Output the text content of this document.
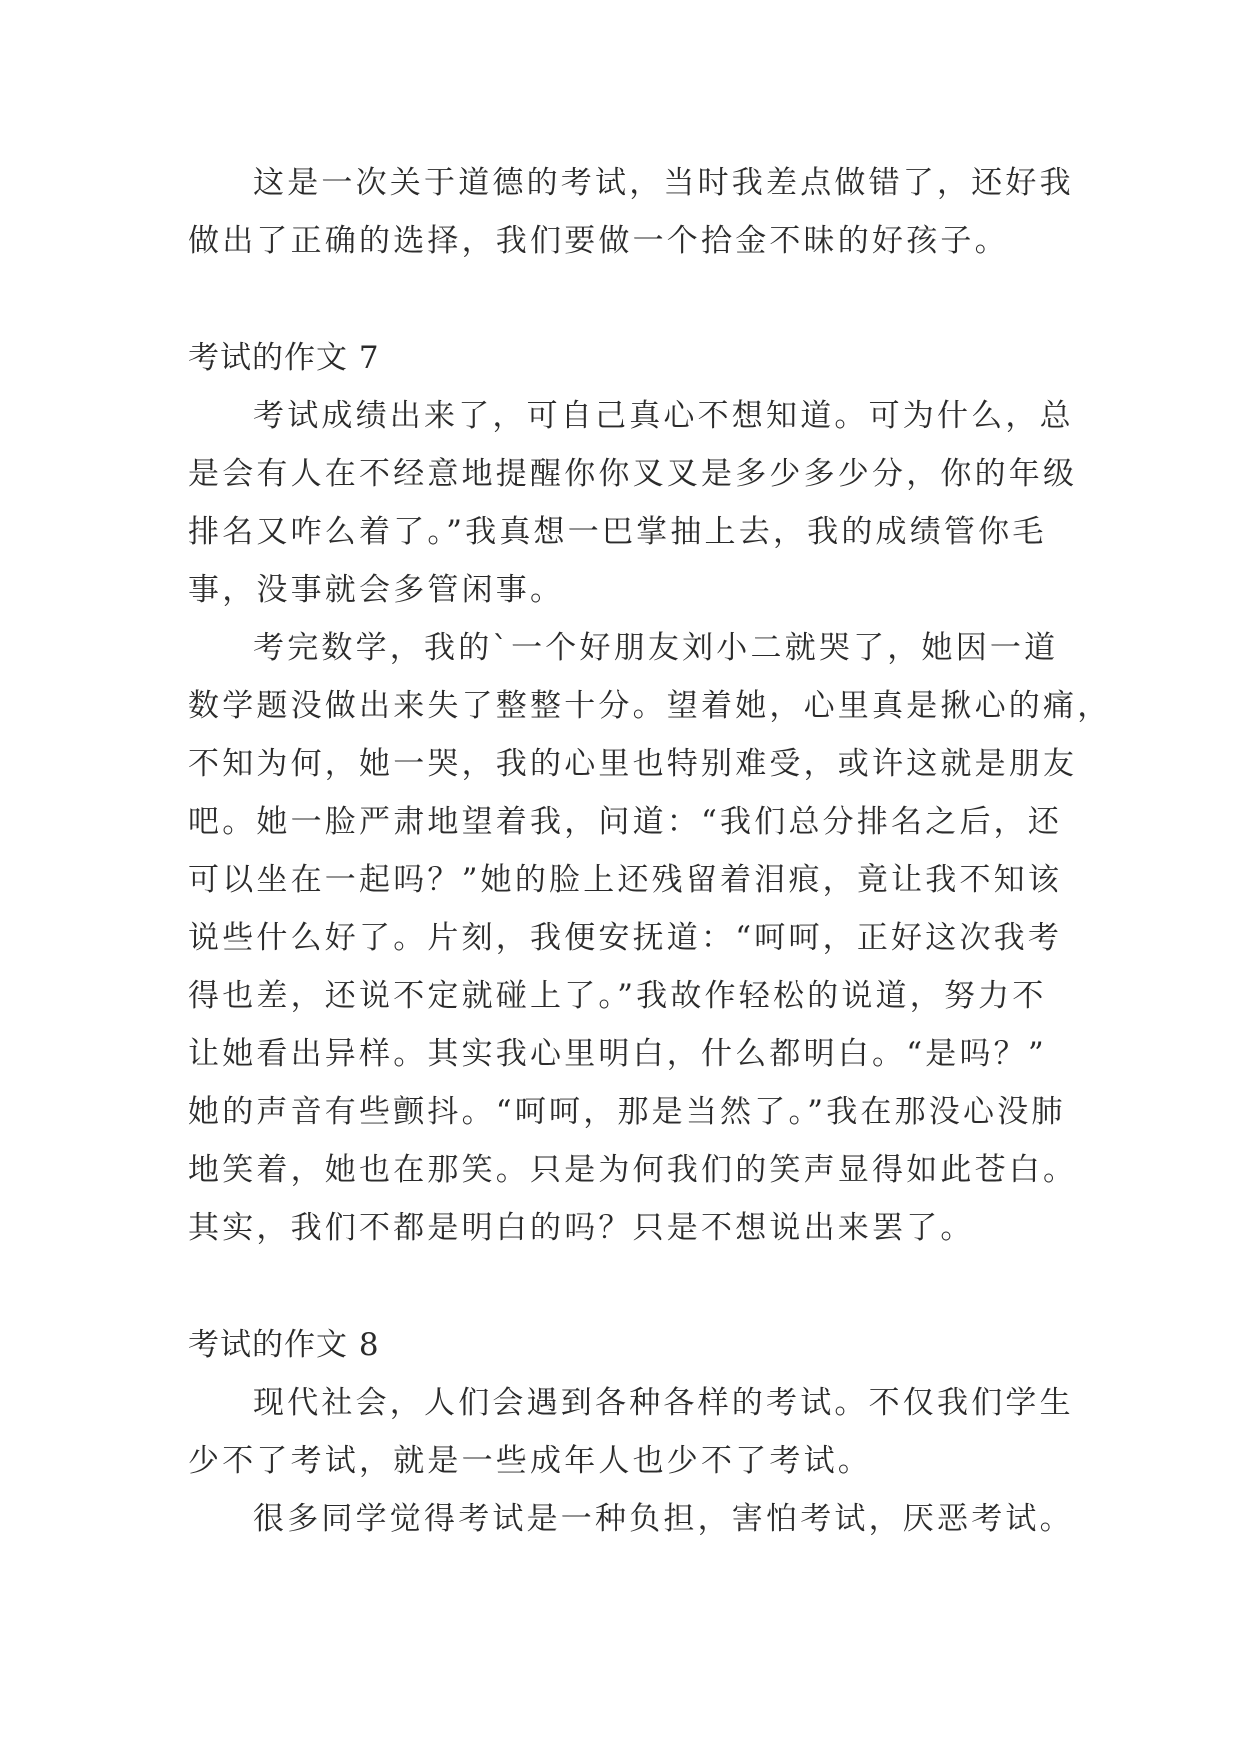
这是一次关于道德的考试，当时我差点做错了，还好我
做出了正确的选择，我们要做一个拾金不昧的好孩子。
考试的作文 7
考试成绩出来了，可自己真心不想知道。可为什么，总
是会有人在不经意地提醒你你叉叉是多少多少分，你的年级
排名又咋么着了。”我真想一巴掌抽上去，我的成绩管你毛
事，没事就会多管闲事。
考完数学，我的`一个好朋友刘小二就哭了，她因一道
数学题没做出来失了整整十分。望着她，心里真是揪心的痛，
不知为何，她一哭，我的心里也特别难受，或许这就是朋友
吧。她一脸严肃地望着我，问道：“我们总分排名之后，还
可以坐在一起吗？”她的脸上还残留着泪痕，竟让我不知该
说些什么好了。片刻，我便安抚道：“呵呵，正好这次我考
得也差，还说不定就碰上了。”我故作轻松的说道，努力不
让她看出异样。其实我心里明白，什么都明白。“是吗？”
她的声音有些颤抖。“呵呵，那是当然了。”我在那没心没肺
地笑着，她也在那笑。只是为何我们的笑声显得如此苍白。
其实，我们不都是明白的吗？只是不想说出来罢了。
考试的作文 8
现代社会，人们会遇到各种各样的考试。不仅我们学生
少不了考试，就是一些成年人也少不了考试。
很多同学觉得考试是一种负担，害怕考试，厌恶考试。
